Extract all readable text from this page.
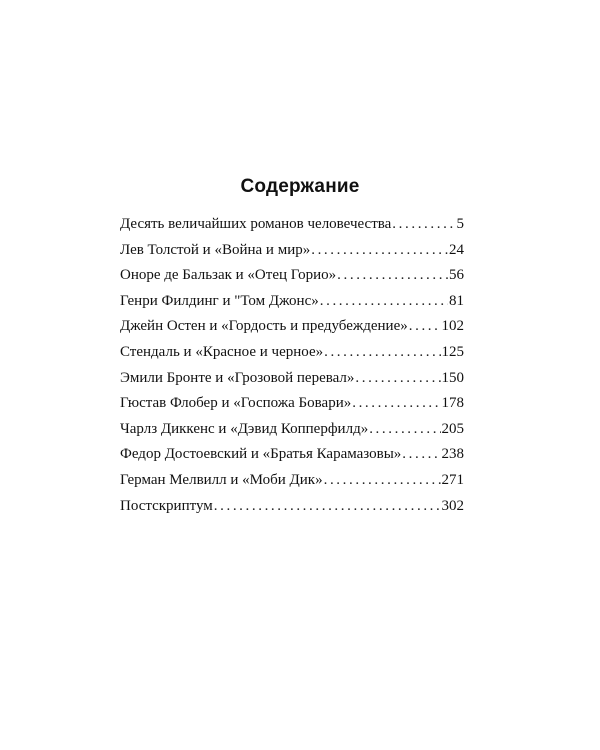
Содержание
Десять величайших романов человечества .....	5
Лев Толстой и «Война и мир» .....	24
Оноре де Бальзак и «Отец Горио» .....	56
Генри Филдинг и "Том Джонс» .....	81
Джейн Остен и «Гордость и предубеждение» ..... 102
Стендаль и «Красное и черное» .....	125
Эмили Бронте и «Грозовой перевал» .....	150
Гюстав Флобер и «Госпожа Бовари» .....	178
Чарлз Диккенс и «Дэвид Копперфилд» .....	205
Федор Достоевский и «Братья Карамазовы» .....	238
Герман Мелвилл и «Моби Дик» .....	271
Постскриптум .....	302
